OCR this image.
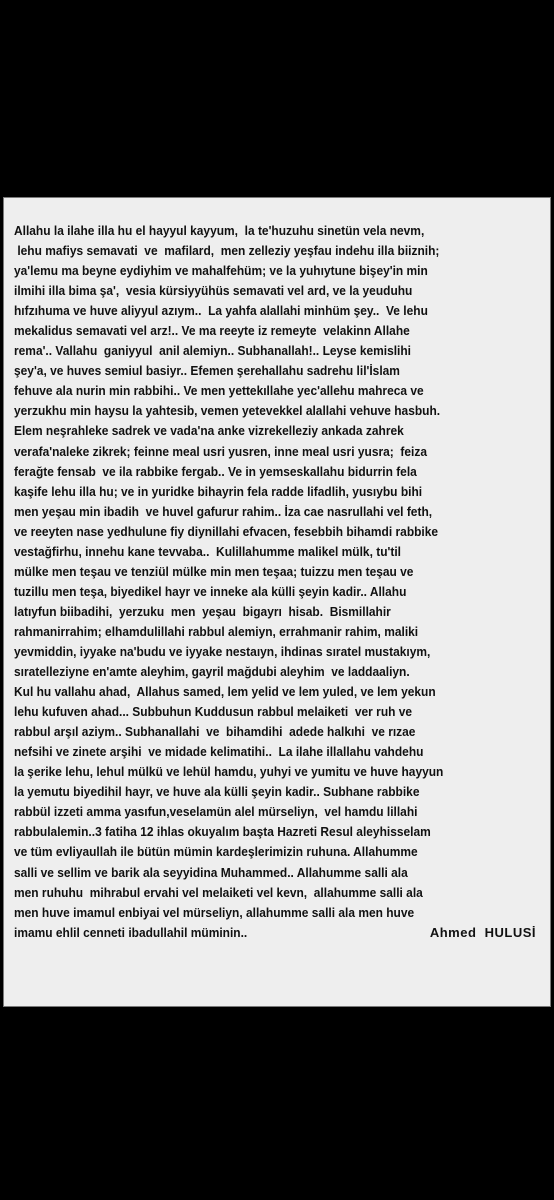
Allahu la ilahe illa hu el hayyul kayyum,  la te'huzuhu sinetün vela nevm,
lehu mafiys semavati  ve  mafilard,  men zelleziy yeşfau indehu illa biiznih;
ya'lemu ma beyne eydiyhim ve mahalfehüm; ve la yuhıytune bişey'in min
ilmihi illa bima şa',  vesia kürsiyyühüs semavati vel ard, ve la yeuduhu
hıfzıhuma ve huve aliyyul azıym..  La yahfa alallahi minhüm şey..  Ve lehu
mekalidus semavati vel arz!.. Ve ma reeyte iz remeyte  velakinn Allahe
rema'.. Vallahu  ganiyyul  anil alemiyn.. Subhanallah!.. Leyse kemislihi
şey'a, ve huves semiul basiyr.. Efemen şerehallahu sadrehu lil'İslam
fehuve ala nurin min rabbihi.. Ve men yettekıllahe yec'allehu mahreca ve
yerzukhu min haysu la yahtesib, vemen yetevekkel alallahi vehuve hasbuh.
Elem neşrahleke sadrek ve vada'na anke vizrekelleziy ankada zahrek
verafa'naleke zikrek; feinne meal usri yusren, inne meal usri yusra;  feiza
ferağte fensab  ve ila rabbike fergab.. Ve in yemseskallahu bidurrin fela
kaşife lehu illa hu; ve in yuridke bihayrin fela radde lifadlih, yusıybu bihi
men yeşau min ibadih  ve huvel gafurur rahim.. İza cae nasrullahi vel feth,
ve reeyten nase yedhulune fiy diynillahi efvacen, fesebbih bihamdi rabbike
vestağfirhu, innehu kane tevvaba..  Kulillahumme malikel mülk, tu'til
mülke men teşau ve tenziül mülke min men teşaa; tuizzu men teşau ve
tuzillu men teşa, biyedikel hayr ve inneke ala külli şeyin kadir.. Allahu
latıyfun biibadihi,  yerzuku  men  yeşau  bigayrı  hisab.  Bismillahir
rahmanirrahim; elhamdulillahi rabbul alemiyn, errahmanir rahim, maliki
yevmiddin, iyyake na'budu ve iyyake nestaıyn, ihdinas sıratel mustakıym,
sıratelleziyne en'amte aleyhim, gayril mağdubi aleyhim  ve laddaaliyn.
Kul hu vallahu ahad,  Allahus samed, lem yelid ve lem yuled, ve lem yekun
lehu kufuven ahad... Subbuhun Kuddusun rabbul melaiketi  ver ruh ve
rabbul arşıl aziym.. Subhanallahi  ve  bihamdihi  adede halkıhi  ve rızae
nefsihi ve zinete arşihi  ve midade kelimatihi..  La ilahe illallahu vahdehu
la şerike lehu, lehul mülkü ve lehül hamdu, yuhyi ve yumitu ve huve hayyun
la yemutu biyedihil hayr, ve huve ala külli şeyin kadir.. Subhane rabbike
rabbül izzeti amma yasıfun,veselamün alel mürseliyn,  vel hamdu lillahi
rabbulalemin..3 fatiha 12 ihlas okuyalım başta Hazreti Resul aleyhisselam
ve tüm evliyaullah ile bütün mümin kardeşlerimizin ruhuna. Allahumme
salli ve sellim ve barik ala seyyidina Muhammed.. Allahumme salli ala
men ruhuhu  mihrabul ervahi vel melaiketi vel kevn,  allahumme salli ala
men huve imamul enbiyai vel mürseliyn, allahumme salli ala men huve
imamu ehlil cenneti ibadullahil müminin..	Ahmed  HULUSİ
